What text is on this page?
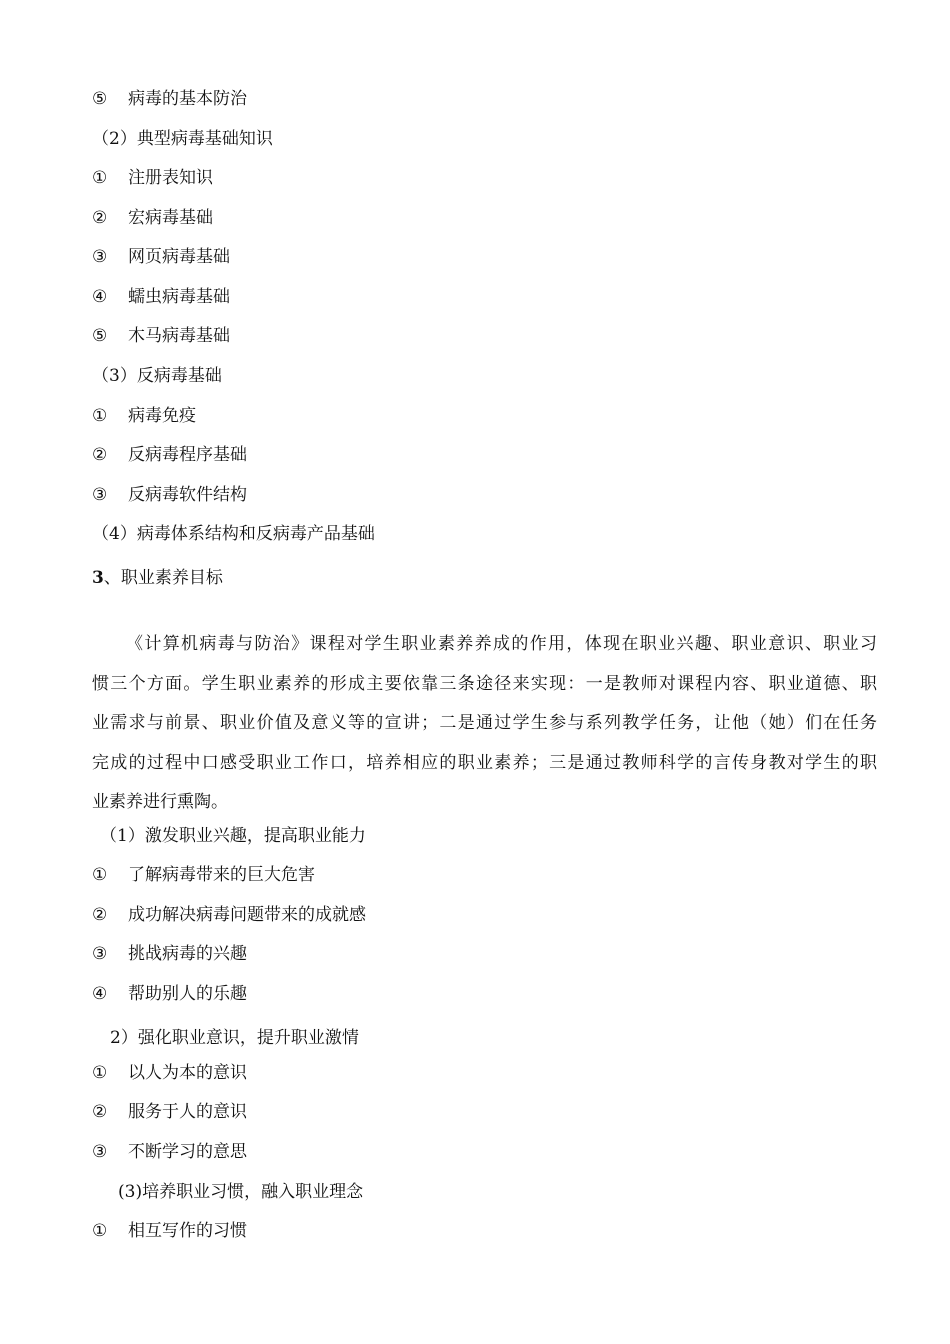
⑤ 病毒的基本防治
（2）典型病毒基础知识
① 注册表知识
② 宏病毒基础
③ 网页病毒基础
④ 蠕虫病毒基础
⑤ 木马病毒基础
（3）反病毒基础
① 病毒免疫
② 反病毒程序基础
③ 反病毒软件结构
（4）病毒体系结构和反病毒产品基础
3、职业素养目标
《计算机病毒与防治》课程对学生职业素养养成的作用，体现在职业兴趣、职业意识、职业习
惯三个方面。学生职业素养的形成主要依靠三条途径来实现：一是教师对课程内容、职业道德、职
业需求与前景、职业价值及意义等的宣讲；二是通过学生参与系列教学任务，让他（她）们在任务
完成的过程中口感受职业工作口，培养相应的职业素养；三是通过教师科学的言传身教对学生的职
业素养进行熏陶。
（1）激发职业兴趣，提高职业能力
① 了解病毒带来的巨大危害
② 成功解决病毒问题带来的成就感
③ 挑战病毒的兴趣
④ 帮助别人的乐趣
2）强化职业意识，提升职业激情
① 以人为本的意识
② 服务于人的意识
③ 不断学习的意思
(3)培养职业习惯，融入职业理念
① 相互写作的习惯
